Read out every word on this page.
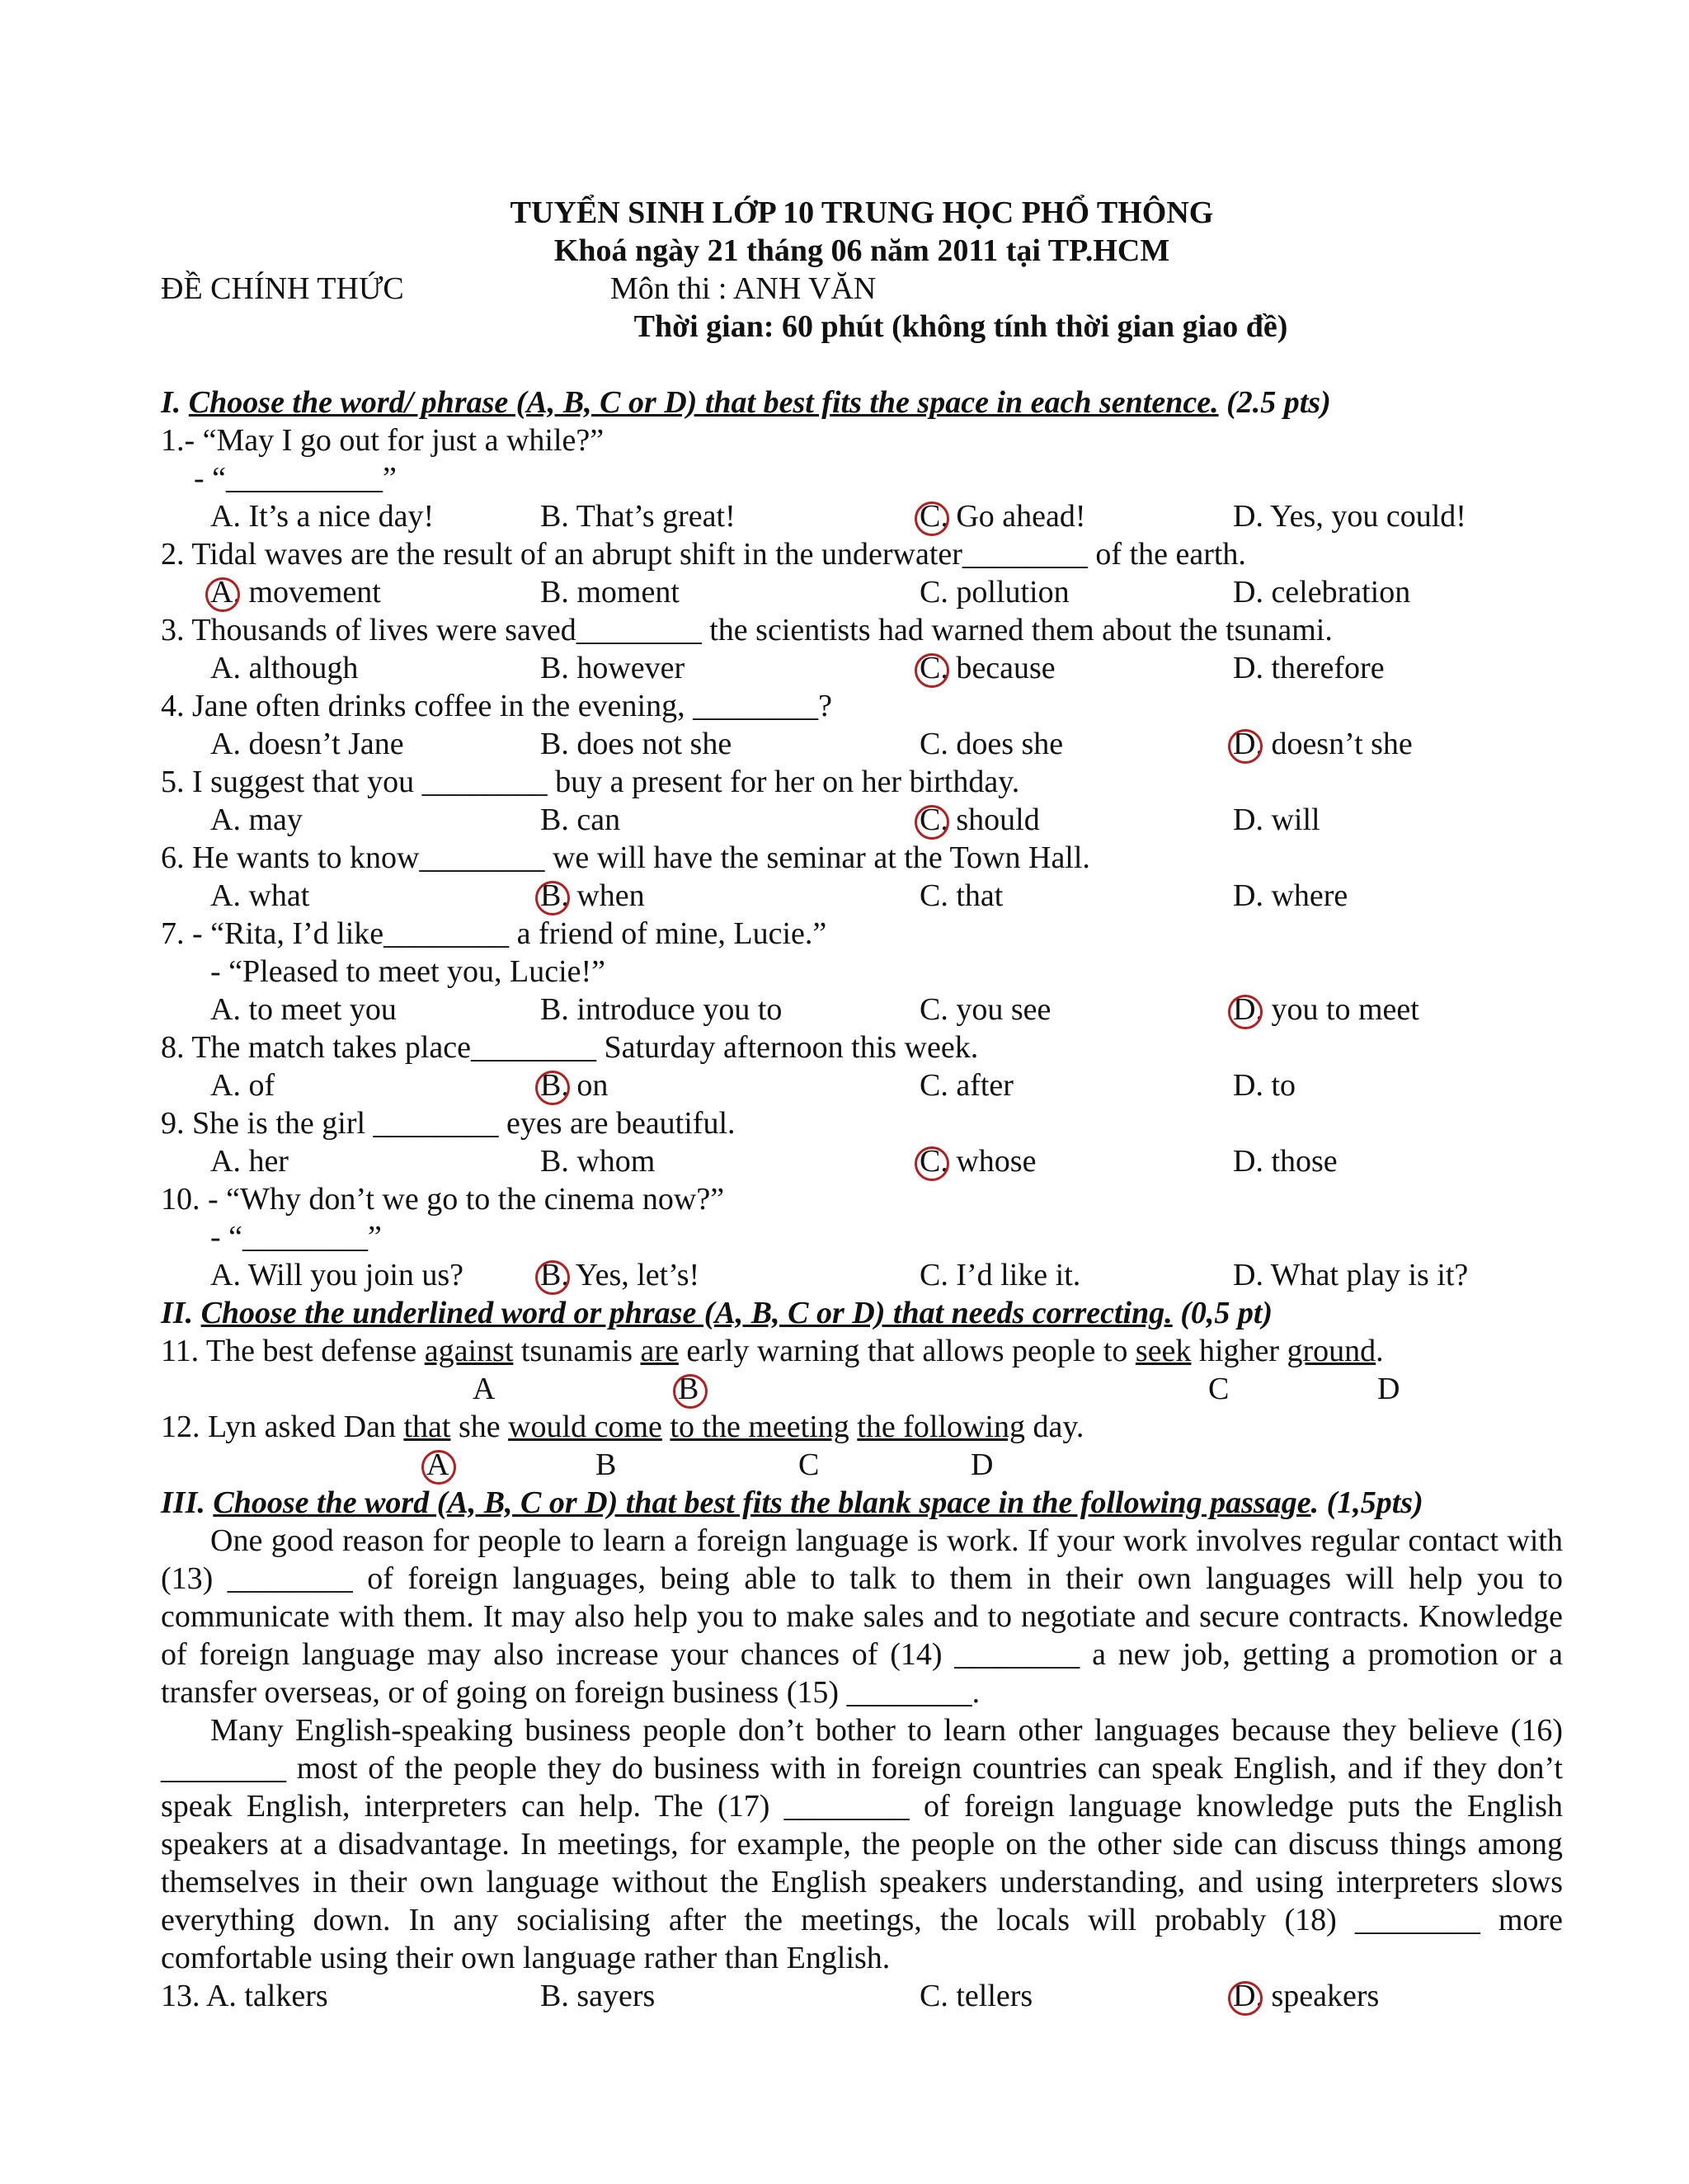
TUYỂN SINH LỚP 10 TRUNG HỌC PHỔ THÔNG
Khoá ngày 21 tháng 06 năm 2011 tại TP.HCM
ĐỀ CHÍNH THỨC	Môn thi : ANH VĂN
Thời gian: 60 phút (không tính thời gian giao đề)
I. Choose the word/ phrase (A, B, C or D) that best fits the space in each sentence. (2.5 pts)
1.- “May I go out for just a while?”
- “__________”
A. It’s a nice day!	B. That’s great!	C. Go ahead!	D. Yes, you could!
2. Tidal waves are the result of an abrupt shift in the underwater________ of the earth.
A. movement	B. moment	C. pollution	D. celebration
3. Thousands of lives were saved________ the scientists had warned them about the tsunami.
A. although	B. however	C. because	D. therefore
4. Jane often drinks coffee in the evening, ________?
A. doesn’t Jane	B. does not she	C. does she	D. doesn’t she
5. I suggest that you ________ buy a present for her on her birthday.
A. may	B. can	C. should	D. will
6. He wants to know________ we will have the seminar at the Town Hall.
A. what	B. when	C. that	D. where
7. - “Rita, I’d like________ a friend of mine, Lucie.”
- “Pleased to meet you, Lucie!”
A. to meet you	B. introduce you to	C. you see	D. you to meet
8. The match takes place________ Saturday afternoon this week.
A. of	B. on	C. after	D. to
9. She is the girl ________ eyes are beautiful.
A. her	B. whom	C. whose	D. those
10. - “Why don’t we go to the cinema now?”
- “________”
A. Will you join us? B. Yes, let’s!	C. I’d like it.	D. What play is it?
II. Choose the underlined word or phrase (A, B, C or D) that needs correcting. (0,5 pt)
11. The best defense against tsunamis are early warning that allows people to seek higher ground.
A	B	C	D
12. Lyn asked Dan that she would come to the meeting the following day.
A	B	C	D
III. Choose the word (A, B, C or D) that best fits the blank space in the following passage. (1,5pts)
One good reason for people to learn a foreign language is work. If your work involves regular contact with (13) ________ of foreign languages, being able to talk to them in their own languages will help you to communicate with them. It may also help you to make sales and to negotiate and secure contracts. Knowledge of foreign language may also increase your chances of (14) ________ a new job, getting a promotion or a transfer overseas, or of going on foreign business (15) ________.
Many English-speaking business people don’t bother to learn other languages because they believe (16) ________ most of the people they do business with in foreign countries can speak English, and if they don’t speak English, interpreters can help. The (17) ________ of foreign language knowledge puts the English speakers at a disadvantage. In meetings, for example, the people on the other side can discuss things among themselves in their own language without the English speakers understanding, and using interpreters slows everything down. In any socialising after the meetings, the locals will probably (18) ________ more comfortable using their own language rather than English.
13. A. talkers	B. sayers	C. tellers	D. speakers
